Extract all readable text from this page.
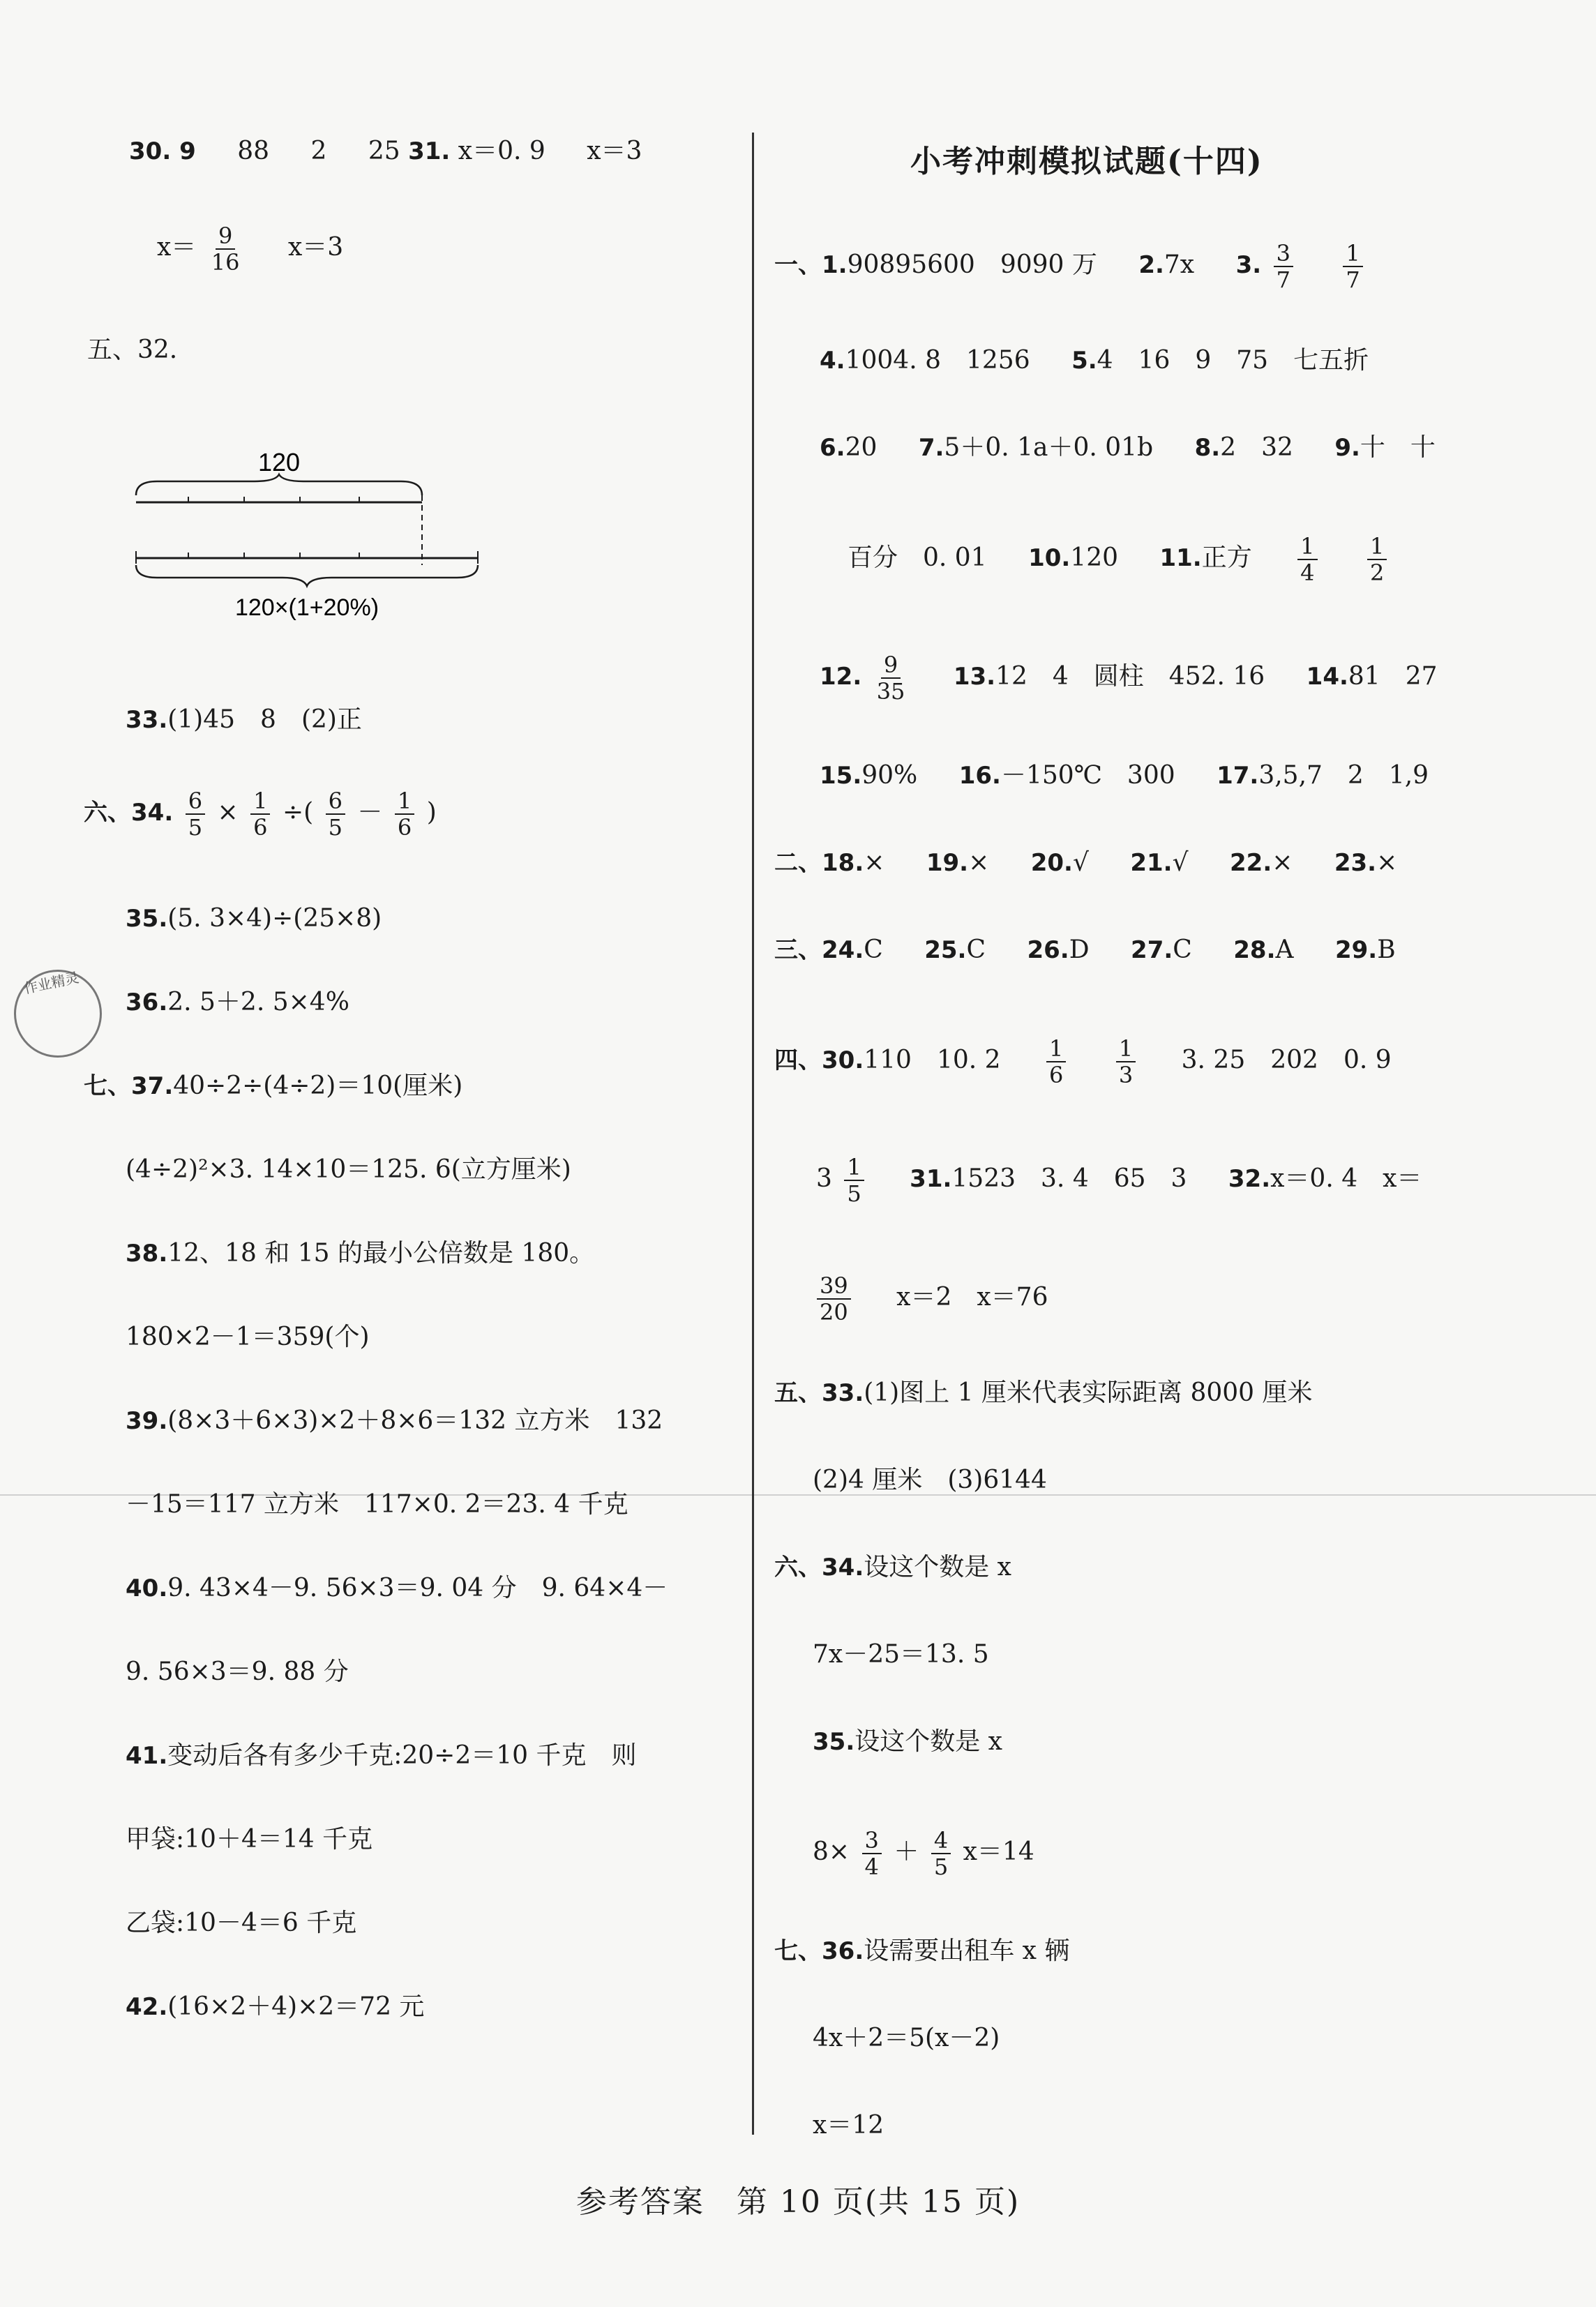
作业精灵
30. 9 88 2 25 31. x＝0. 9 x＝3
$x= \frac{9}{16} x=3$
五、32.
120
120×(1+20%)
33.(1)45　8　(2)正
六、34. $\frac{6}{5} \times \frac{1}{6}$ ÷( $\frac{6}{5} - \frac{1}{6}$ )
35.(5. 3×4)÷(25×8)
36.2. 5＋2. 5×4%
七、37.40÷2÷(4÷2)＝10(厘米)
(4÷2)²×3. 14×10＝125. 6(立方厘米)
38.12、18 和 15 的最小公倍数是 180。
180×2－1＝359(个)
39.(8×3＋6×3)×2＋8×6＝132 立方米　132
－15＝117 立方米　117×0. 2＝23. 4 千克
40.9. 43×4－9. 56×3＝9. 04 分　9. 64×4－
9. 56×3＝9. 88 分
41.变动后各有多少千克:20÷2＝10 千克　则
甲袋:10＋4＝14 千克
乙袋:10－4＝6 千克
42.(16×2＋4)×2＝72 元
小考冲刺模拟试题(十四)
一、1.90895600　9090 万 2.7x 3. $\frac{3}{7}$
$\frac{1}{7}$
4.1004. 8　1256 5.4　16　9　75　七五折
6.20 7.5＋0. 1a＋0. 01b 8.2　32 9.十　十
百分　0. 01 10.120 11.正方 $\frac{1}{4}$
$\frac{1}{2}$
12. $\frac{9}{35} 13.12$　4　圆柱　452. 16 14.81　27
15.90% 16.－150℃　300 17.3,5,7　2　1,9
二、18.× 19.× 20.√ 21.√ 22.× 23.×
三、24.C 25.C 26.D 27.C 28.A 29.B
四、30.110　10. $2 \frac{1}{6}$
$\frac{1}{3} 3$. 25　202　0. 9
$3 \frac{1}{5} 31.1523$　3. 4　65　3 32.x＝0. 4　x＝
$\frac{39}{20} x=2$　x＝76
五、33.(1)图上 1 厘米代表实际距离 8000 厘米
(2)4 厘米　(3)6144
六、34.设这个数是 x
7x－25＝13. 5
35.设这个数是 x
$8\times \frac{3}{4} + \frac{4}{5} x=14$
七、36.设需要出租车 x 辆
4x＋2＝5(x－2)
x＝12
参考答案　第 10 页(共 15 页)
